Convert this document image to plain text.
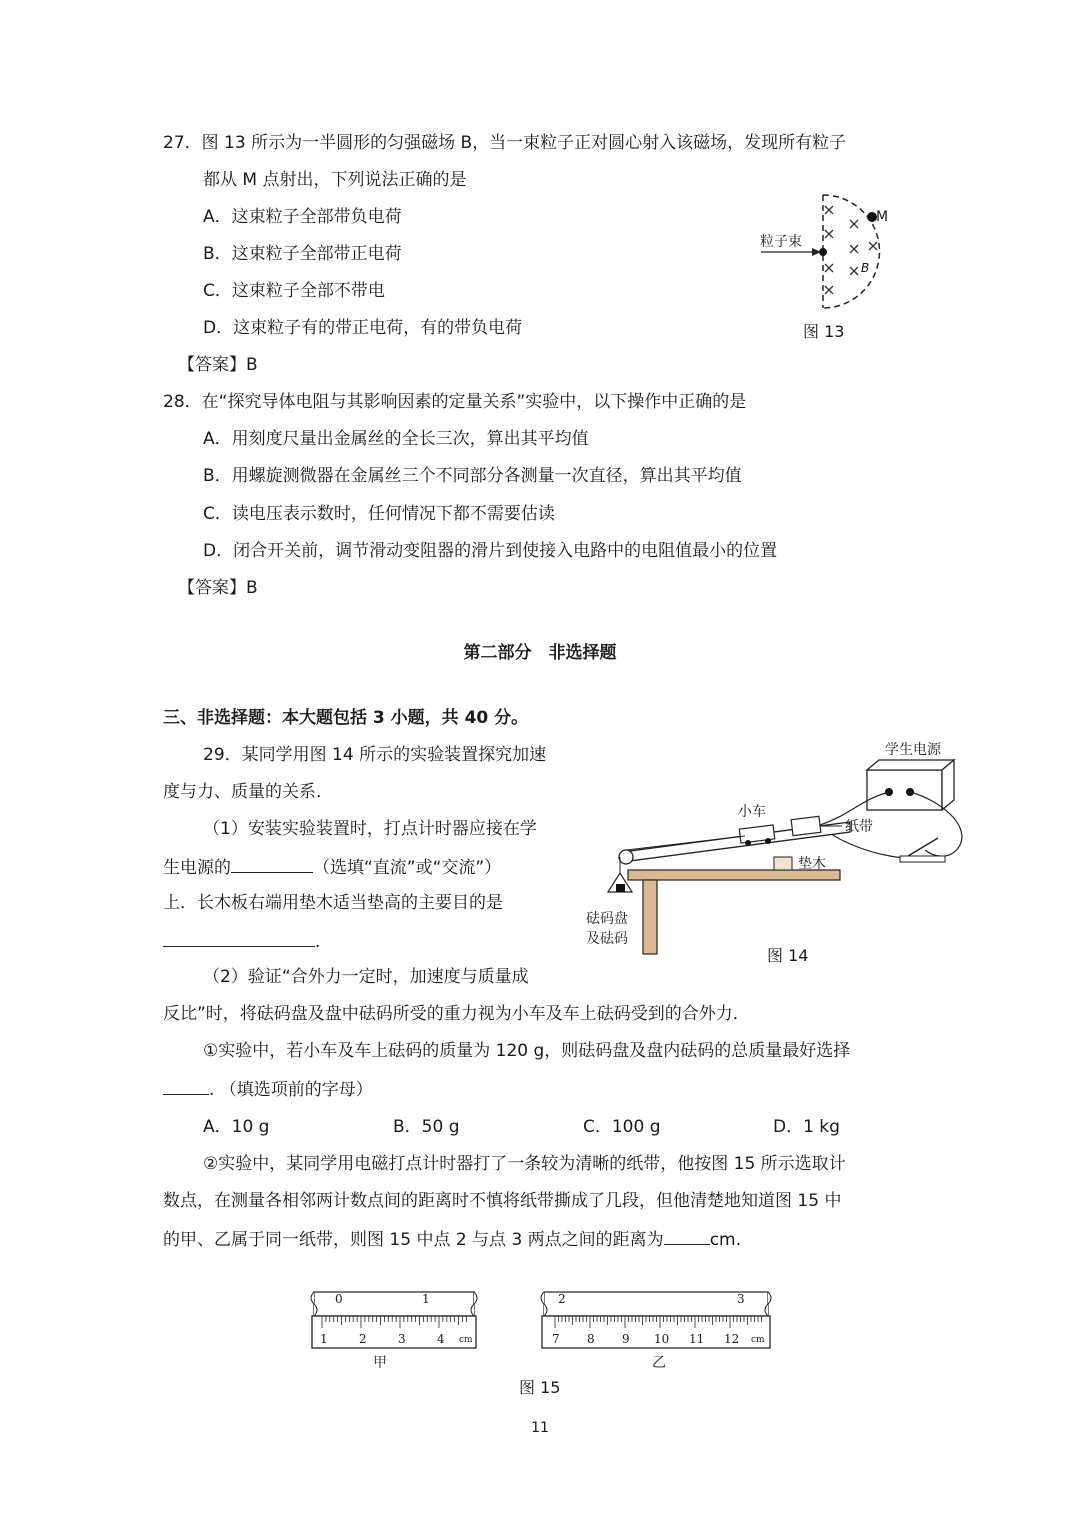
27．图 13 所示为一半圆形的匀强磁场 B，当一束粒子正对圆心射入该磁场，发现所有粒子
都从 M 点射出，下列说法正确的是
A．这束粒子全部带负电荷
B．这束粒子全部带正电荷
C．这束粒子全部不带电
D．这束粒子有的带正电荷，有的带负电荷
【答案】B
粒子束
M
B
图 13
28．在“探究导体电阻与其影响因素的定量关系”实验中，以下操作中正确的是
A．用刻度尺量出金属丝的全长三次，算出其平均值
B．用螺旋测微器在金属丝三个不同部分各测量一次直径，算出其平均值
C．读电压表示数时，任何情况下都不需要估读
D．闭合开关前，调节滑动变阻器的滑片到使接入电路中的电阻值最小的位置
【答案】B
第二部分　非选择题
三、非选择题：本大题包括 3 小题，共 40 分。
29．某同学用图 14 所示的实验装置探究加速
度与力、质量的关系．
（1）安装实验装置时，打点计时器应接在学
生电源的	（选填“直流”或“交流”）
上．长木板右端用垫木适当垫高的主要目的是
.
（2）验证“合外力一定时，加速度与质量成
反比”时，将砝码盘及盘中砝码所受的重力视为小车及车上砝码受到的合外力．
①实验中，若小车及车上砝码的质量为 120 g，则砝码盘及盘内砝码的总质量最好选择
. （填选项前的字母）
A．10 g	B．50 g	C．100 g	D．1 kg
②实验中，某同学用电磁打点计时器打了一条较为清晰的纸带，他按图 15 所示选取计
数点，在测量各相邻两计数点间的距离时不慎将纸带撕成了几段，但他清楚地知道图 15 中
的甲、乙属于同一纸带，则图 15 中点 2 与点 3 两点之间的距离为	cm.
学生电源
小车
纸带
砝码盘
及砝码
垫木
图 14
0	1
1	2	3	4 cm
甲
2	3
7 8 9 10 11 12 cm
乙
图 15
11
